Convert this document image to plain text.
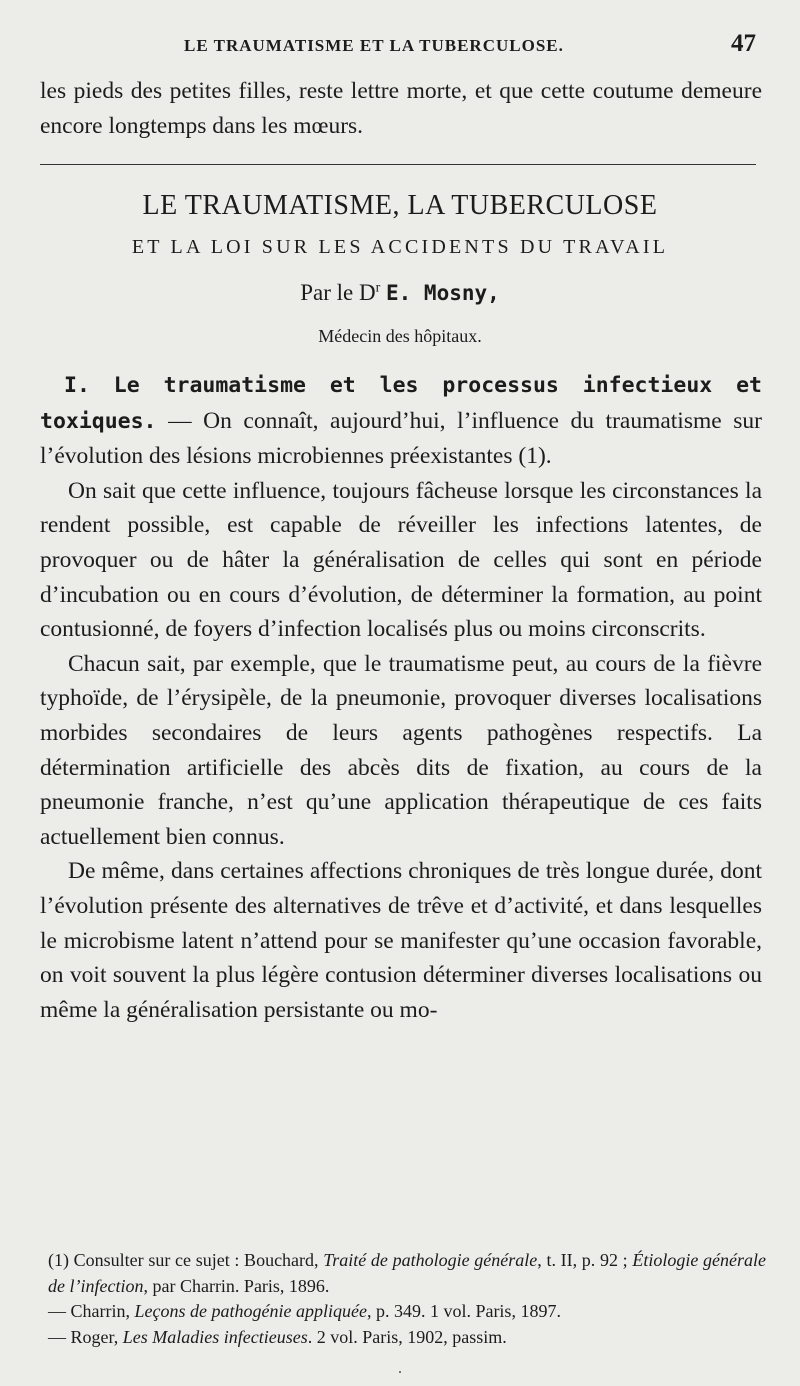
LE TRAUMATISME ET LA TUBERCULOSE.	47
les pieds des petites filles, reste lettre morte, et que cette coutume demeure encore longtemps dans les mœurs.
LE TRAUMATISME, LA TUBERCULOSE
ET LA LOI SUR LES ACCIDENTS DU TRAVAIL
Par le $D^r$ E. Mosny,
Médecin des hôpitaux.

I. Le traumatisme et les processus infectieux et toxiques. — On connaît, aujourd’hui, l’influence du traumatisme sur l’évolution des lésions microbiennes préexistantes (1).

On sait que cette influence, toujours fâcheuse lorsque les circonstances la rendent possible, est capable de réveiller les infections latentes, de provoquer ou de hâter la généralisation de celles qui sont en période d’incubation ou en cours d’évolution, de déterminer la formation, au point contusionné, de foyers d’infection localisés plus ou moins circonscrits.

Chacun sait, par exemple, que le traumatisme peut, au cours de la fièvre typhoïde, de l’érysipèle, de la pneumonie, provoquer diverses localisations morbides secondaires de leurs agents pathogènes respectifs. La détermination artificielle des abcès dits de fixation, au cours de la pneumonie franche, n’est qu’une application thérapeutique de ces faits actuellement bien connus.

De même, dans certaines affections chroniques de très longue durée, dont l’évolution présente des alternatives de trêve et d’activité, et dans lesquelles le microbisme latent n’attend pour se manifester qu’une occasion favorable, on voit souvent la plus légère contusion déterminer diverses localisations ou même la généralisation persistante ou mo-

(1) Consulter sur ce sujet : Bouchard, Traité de pathologie générale, t. II, p. 92 ; Étiologie générale de l’infection, par Charrin. Paris, 1896.

— Charrin, Leçons de pathogénie appliquée, p. 349. 1 vol. Paris, 1897.

— Roger, Les Maladies infectieuses. 2 vol. Paris, 1902, passim.

.
